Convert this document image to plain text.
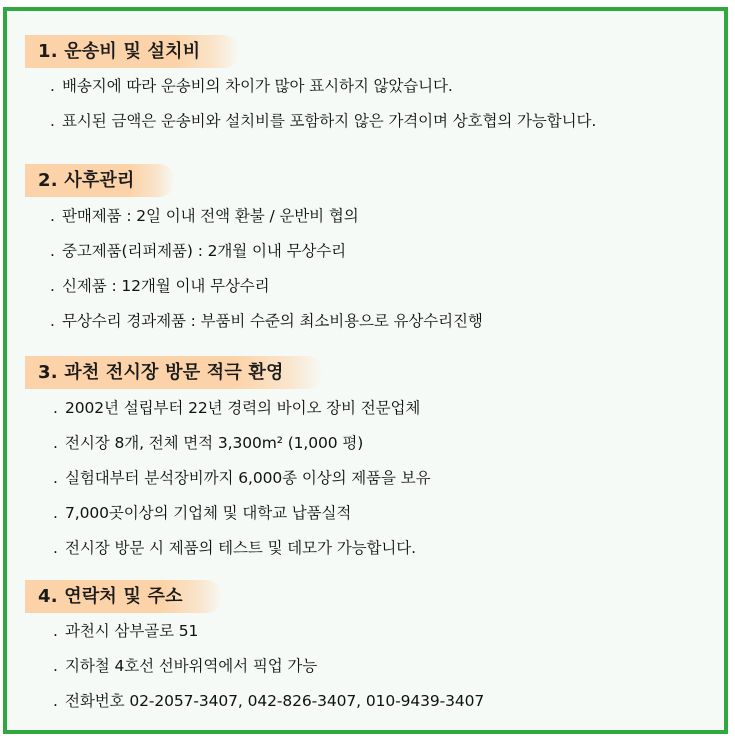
1. 운송비 및 설치비
. 배송지에 따라 운송비의 차이가 많아 표시하지 않았습니다.
. 표시된 금액은 운송비와 설치비를 포함하지 않은 가격이며 상호협의 가능합니다.
2. 사후관리
. 판매제품 : 2일 이내 전액 환불 / 운반비 협의
. 중고제품(리퍼제품) : 2개월 이내 무상수리
. 신제품 : 12개월 이내 무상수리
. 무상수리 경과제품 : 부품비 수준의 최소비용으로 유상수리진행
3. 과천 전시장 방문 적극 환영
. 2002년 설립부터 22년 경력의 바이오 장비 전문업체
. 전시장 8개, 전체 면적 3,300m² (1,000 평)
. 실험대부터 분석장비까지 6,000종 이상의 제품을 보유
. 7,000곳이상의 기업체 및 대학교 납품실적
. 전시장 방문 시 제품의 테스트 및 데모가 가능합니다.
4. 연락처 및 주소
. 과천시 삼부골로 51
. 지하철 4호선 선바위역에서 픽업 가능
. 전화번호 02-2057-3407, 042-826-3407, 010-9439-3407
